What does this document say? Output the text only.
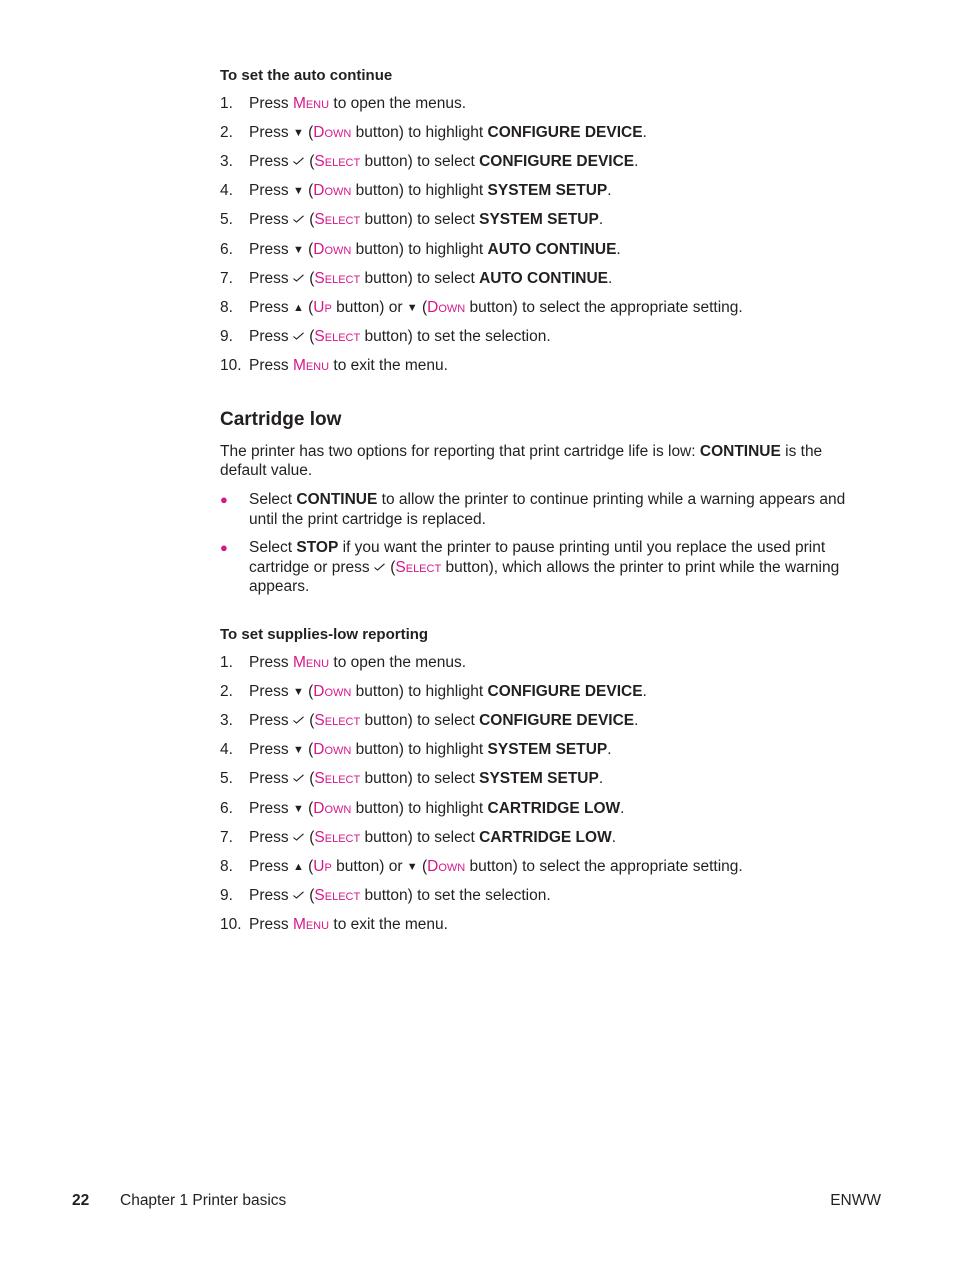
To set the auto continue
1. Press Menu to open the menus.
2. Press ▼ (Down button) to highlight CONFIGURE DEVICE.
3. Press
(Select button) to select CONFIGURE DEVICE.
4. Press ▼ (Down button) to highlight SYSTEM SETUP.
5. Press
(Select button) to select SYSTEM SETUP.
6. Press ▼ (Down button) to highlight AUTO CONTINUE.
7. Press
(Select button) to select AUTO CONTINUE.
8. Press ▲ (Up button) or ▼ (Down button) to select the appropriate setting.
9. Press
(Select button) to set the selection.
10. Press Menu to exit the menu.
Cartridge low
The printer has two options for reporting that print cartridge life is low: CONTINUE is the default value.
● Select CONTINUE to allow the printer to continue printing while a warning appears and until the print cartridge is replaced.
● Select STOP if you want the printer to pause printing until you replace the used print cartridge or press
(Select button), which allows the printer to print while the warning appears.
To set supplies-low reporting
1. Press Menu to open the menus.
2. Press ▼ (Down button) to highlight CONFIGURE DEVICE.
3. Press
(Select button) to select CONFIGURE DEVICE.
4. Press ▼ (Down button) to highlight SYSTEM SETUP.
5. Press
(Select button) to select SYSTEM SETUP.
6. Press ▼ (Down button) to highlight CARTRIDGE LOW.
7. Press
(Select button) to select CARTRIDGE LOW.
8. Press ▲ (Up button) or ▼ (Down button) to select the appropriate setting.
9. Press
(Select button) to set the selection.
10. Press Menu to exit the menu.
22 Chapter 1 Printer basics	ENWW
